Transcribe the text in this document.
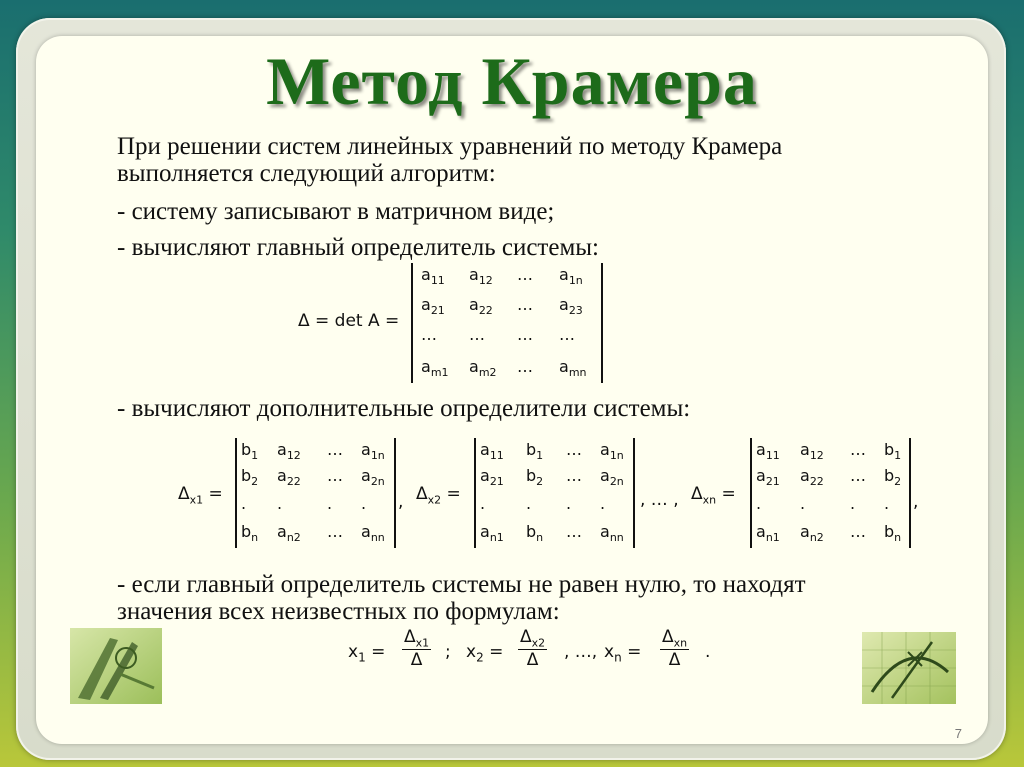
Метод Крамера
При решении систем линейных уравнений по методу Крамера
выполняется следующий алгоритм:
- систему записывают в матричном виде;
- вычисляют главный определитель системы:
Δ = det A =
$a_{11}$ $a_{12}$ … $a_{1n}$
$a_{21}$ $a_{22}$ … $a_{23}$
… … … …
$a_{m1}$ $a_{m2}$ … $a_{mn}$
- вычисляют дополнительные определители системы:
$\Delta_{x1}$ =
$b_1$ $a_{12}$ … $a_{1n}$
$b_2$ $a_{22}$ … $a_{2n}$
. .	. .
$b_n$ $a_{n2}$ … $a_{nn}$
, $\Delta_{x2}$ =
$a_{11}$ $b_1$ … $a_{1n}$
$a_{21}$ $b_2$ … $a_{2n}$
.	. . .
$a_{n1}$ $b_n$ … $a_{nn}$
, … , $\Delta_{xn}$ =
$a_{11}$ $a_{12}$ … $b_1$
$a_{21}$ $a_{22}$ … $b_2$
. .	. .
$a_{n1}$ $a_{n2}$ … $b_n$
,
- если главный определитель системы не равен нулю, то находят
значения всех неизвестных по формулам:
$x_1 = \frac{\Delta_{x1}}{\Delta}$ ; $x_2 = \frac{\Delta_{x2}}{\Delta}$ , …, $x_n$ =
$\Delta_{xn}$
Δ	.
7
